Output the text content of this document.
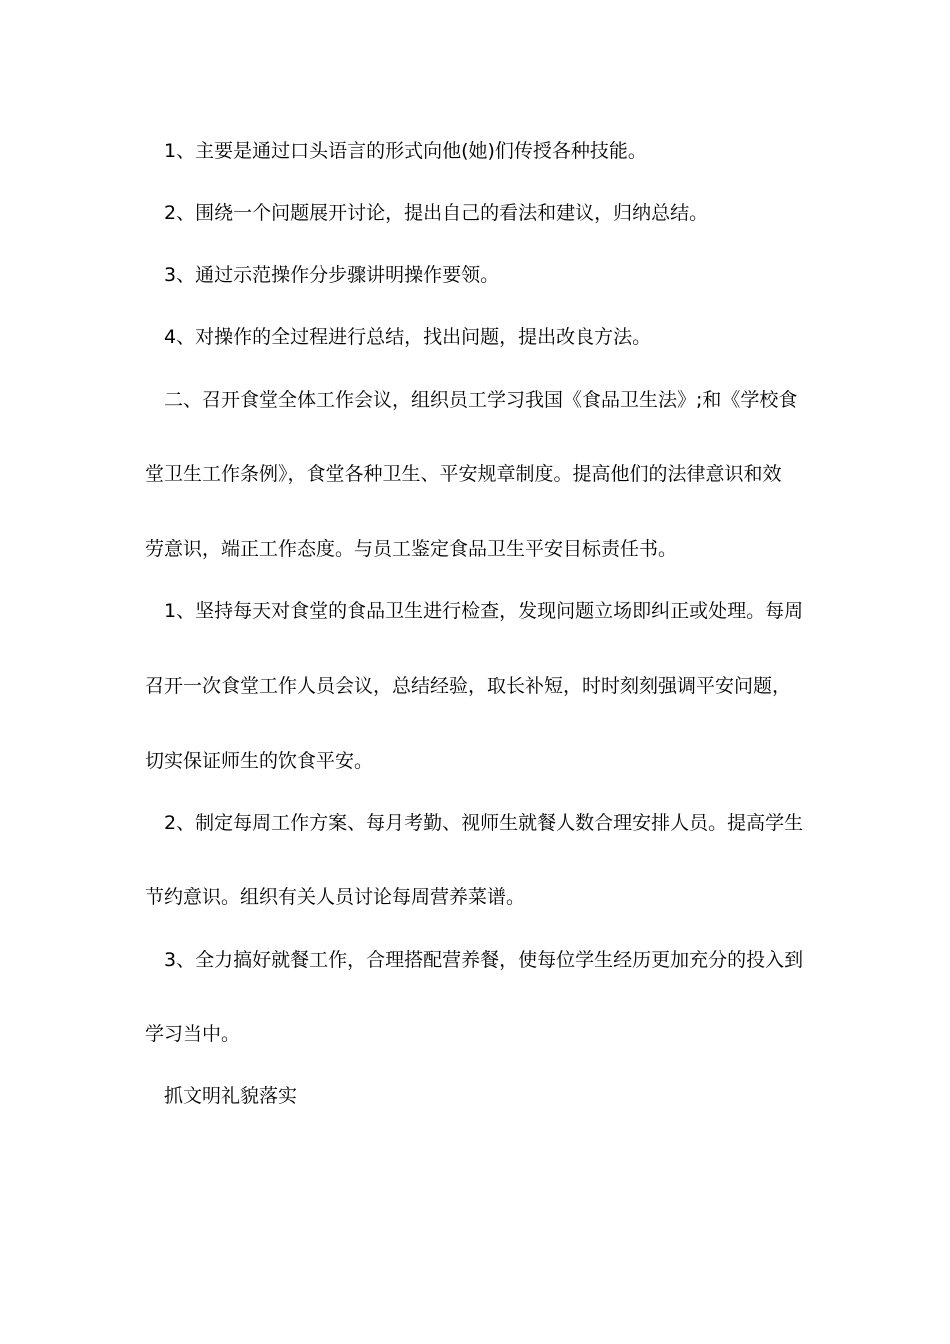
1、主要是通过口头语言的形式向他(她)们传授各种技能。
2、围绕一个问题展开讨论，提出自己的看法和建议，归纳总结。
3、通过示范操作分步骤讲明操作要领。
4、对操作的全过程进行总结，找出问题，提出改良方法。
二、召开食堂全体工作会议，组织员工学习我国《食品卫生法》;和《学校食
堂卫生工作条例》，食堂各种卫生、平安规章制度。提高他们的法律意识和效
劳意识，端正工作态度。与员工鉴定食品卫生平安目标责任书。
1、坚持每天对食堂的食品卫生进行检查，发现问题立场即纠正或处理。每周
召开一次食堂工作人员会议，总结经验，取长补短，时时刻刻强调平安问题，
切实保证师生的饮食平安。
2、制定每周工作方案、每月考勤、视师生就餐人数合理安排人员。提高学生
节约意识。组织有关人员讨论每周营养菜谱。
3、全力搞好就餐工作，合理搭配营养餐，使每位学生经历更加充分的投入到
学习当中。
抓文明礼貌落实
